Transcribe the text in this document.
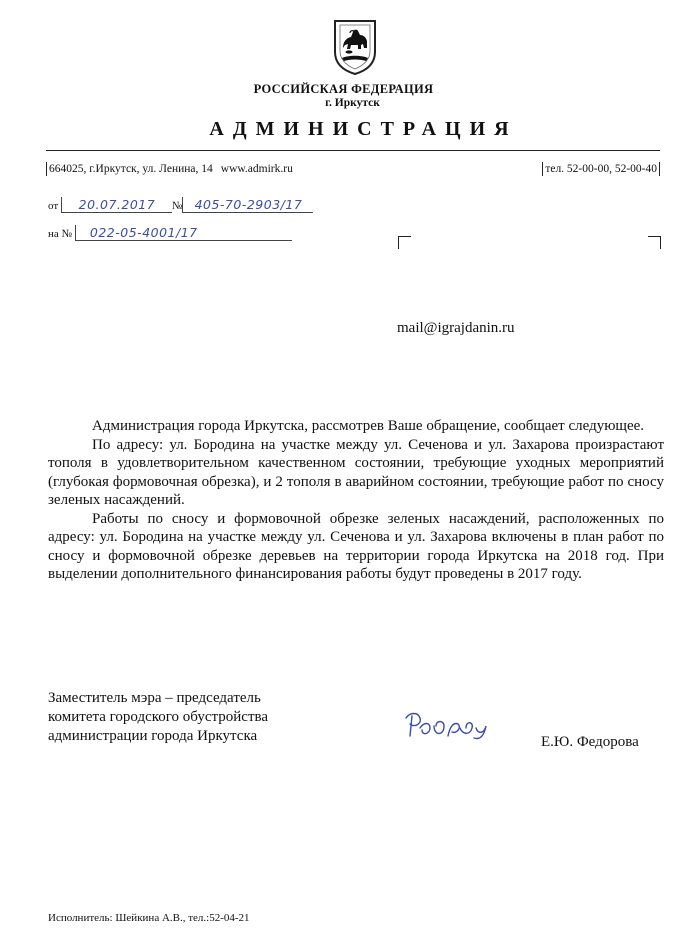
РОССИЙСКАЯ ФЕДЕРАЦИЯ
г. Иркутск
АДМИНИСТРАЦИЯ
664025, г.Иркутск, ул. Ленина, 14 www.admirk.ru	тел. 52-00-00, 52-00-40
от 20.07.2017 № 405-70-2903/17
на № 022-05-4001/17
mail@igrajdanin.ru

Администрация города Иркутска, рассмотрев Ваше обращение, сообщает следующее.

По адресу: ул. Бородина на участке между ул. Сеченова и ул. Захарова произрастают тополя в удовлетворительном качественном состоянии, требующие уходных мероприятий (глубокая формовочная обрезка), и 2 тополя в аварийном состоянии, требующие работ по сносу зеленых насаждений.

Работы по сносу и формовочной обрезке зеленых насаждений, расположенных по адресу: ул. Бородина на участке между ул. Сеченова и ул. Захарова включены в план работ по сносу и формовочной обрезке деревьев на территории города Иркутска на 2018 год. При выделении дополнительного финансирования работы будут проведены в 2017 году.

Заместитель мэра – председатель
комитета городского обустройства
администрации города Иркутска	Е.Ю. Федорова
Исполнитель: Шейкина А.В., тел.:52-04-21
